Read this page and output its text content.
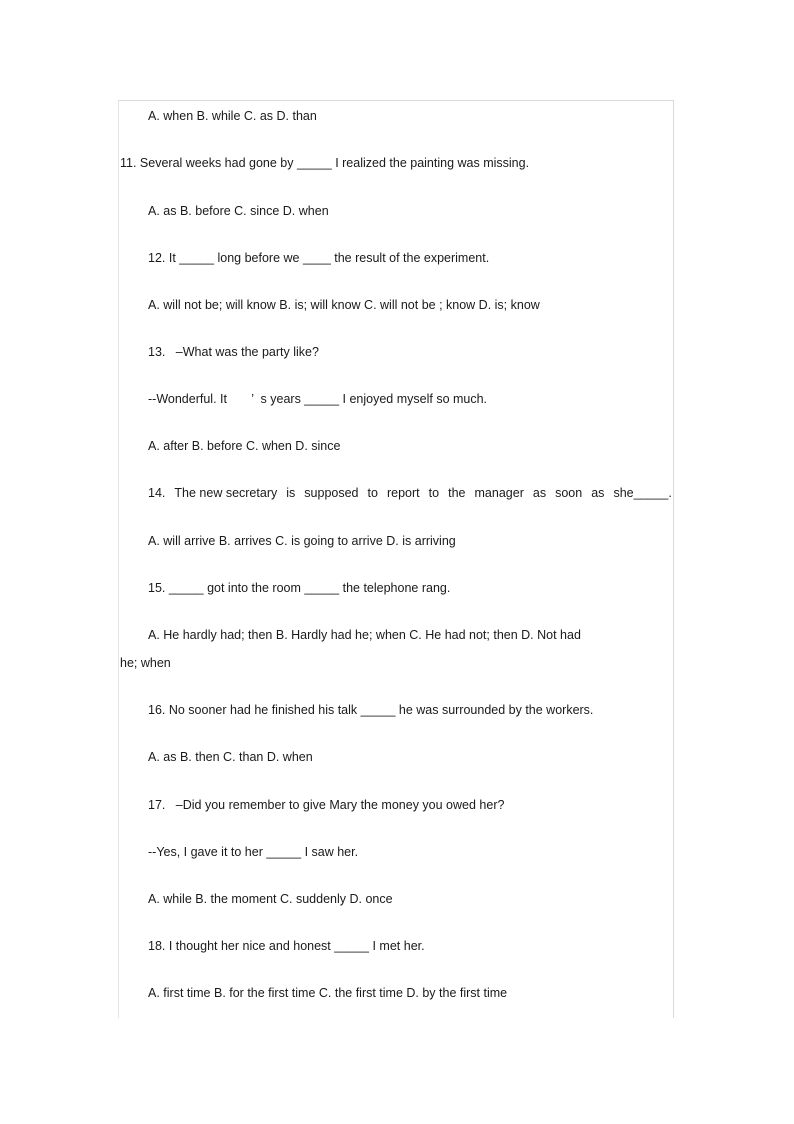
A. when B. while C. as D. than
11. Several weeks had gone by _____ I realized the painting was missing.
A. as B. before C. since D. when
12. It _____ long before we ____ the result of the experiment.
A. will not be; will know B. is; will know C. will not be ; know D. is; know
13.   –What was the party like?
--Wonderful. It       ’  s years _____ I enjoyed myself so much.
A. after B. before C. when D. since
14. The new secretary is supposed to report to the manager as soon as she_____.
A. will arrive B. arrives C. is going to arrive D. is arriving
15. _____ got into the room _____ the telephone rang.
A. He hardly had; then B. Hardly had he; when C. He had not; then D. Not had
he; when
16. No sooner had he finished his talk _____ he was surrounded by the workers.
A. as B. then C. than D. when
17.   –Did you remember to give Mary the money you owed her?
--Yes, I gave it to her _____ I saw her.
A. while B. the moment C. suddenly D. once
18. I thought her nice and honest _____ I met her.
A. first time B. for the first time C. the first time D. by the first time
